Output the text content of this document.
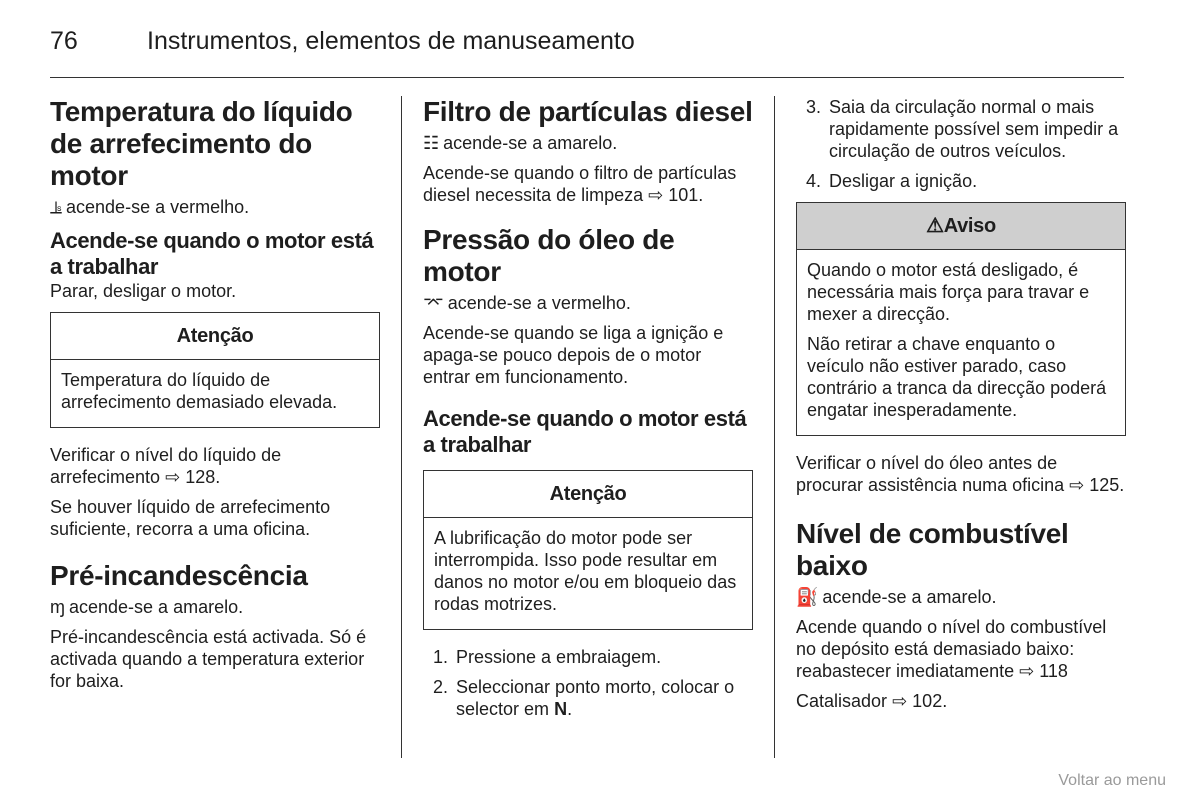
76	Instrumentos, elementos de manuseamento
Temperatura do líquido de arrefecimento do motor

⫡ acende-se a vermelho.

Acende-se quando o motor está a trabalhar

Parar, desligar o motor.

Atenção

Temperatura do líquido de arrefecimento demasiado elevada.

Verificar o nível do líquido de arrefecimento ⇨ 128.

Se houver líquido de arrefecimento suficiente, recorra a uma oficina.

Pré-incandescência

ɱ acende-se a amarelo.

Pré-incandescência está activada. Só é activada quando a temperatura exterior for baixa.

Filtro de partículas diesel

☷ acende-se a amarelo.

Acende-se quando o filtro de partículas diesel necessita de limpeza ⇨ 101.

Pressão do óleo de motor

⌤ acende-se a vermelho.

Acende-se quando se liga a ignição e apaga-se pouco depois de o motor entrar em funcionamento.

Acende-se quando o motor está a trabalhar
Atenção

A lubrificação do motor pode ser interrompida. Isso pode resultar em danos no motor e/ou em bloqueio das rodas motrizes.

1. Pressione a embraiagem.
2. Seleccionar ponto morto, colocar o selector em N.
3. Saia da circulação normal o mais rapidamente possível sem impedir a circulação de outros veículos.
4. Desligar a ignição.
⚠Aviso

Quando o motor está desligado, é necessária mais força para travar e mexer a direcção.

Não retirar a chave enquanto o veículo não estiver parado, caso contrário a tranca da direcção poderá engatar inesperadamente.

Verificar o nível do óleo antes de procurar assistência numa oficina ⇨ 125.

Nível de combustível baixo

⛽ acende-se a amarelo.

Acende quando o nível do combustível no depósito está demasiado baixo: reabastecer imediatamente ⇨ 118

Catalisador ⇨ 102.

Voltar ao menu
